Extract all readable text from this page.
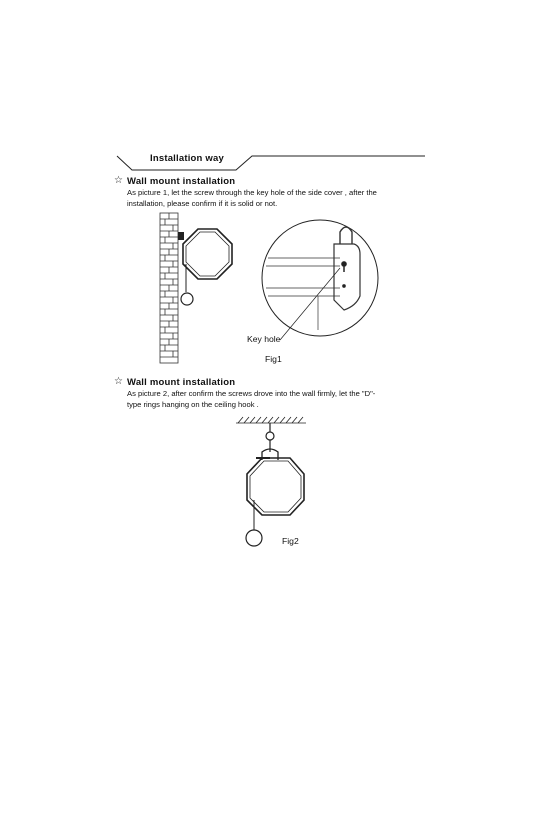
Installation way
☆ Wall mount installation
As picture 1, let the screw through the key hole of the side cover , after the
installation, please confirm if it is solid or not.
Key hole
Fig1
☆ Wall mount installation
As picture 2, after confirm the screws drove into the wall firmly, let the "D"-
type rings hanging on the ceiling hook .
Fig2
